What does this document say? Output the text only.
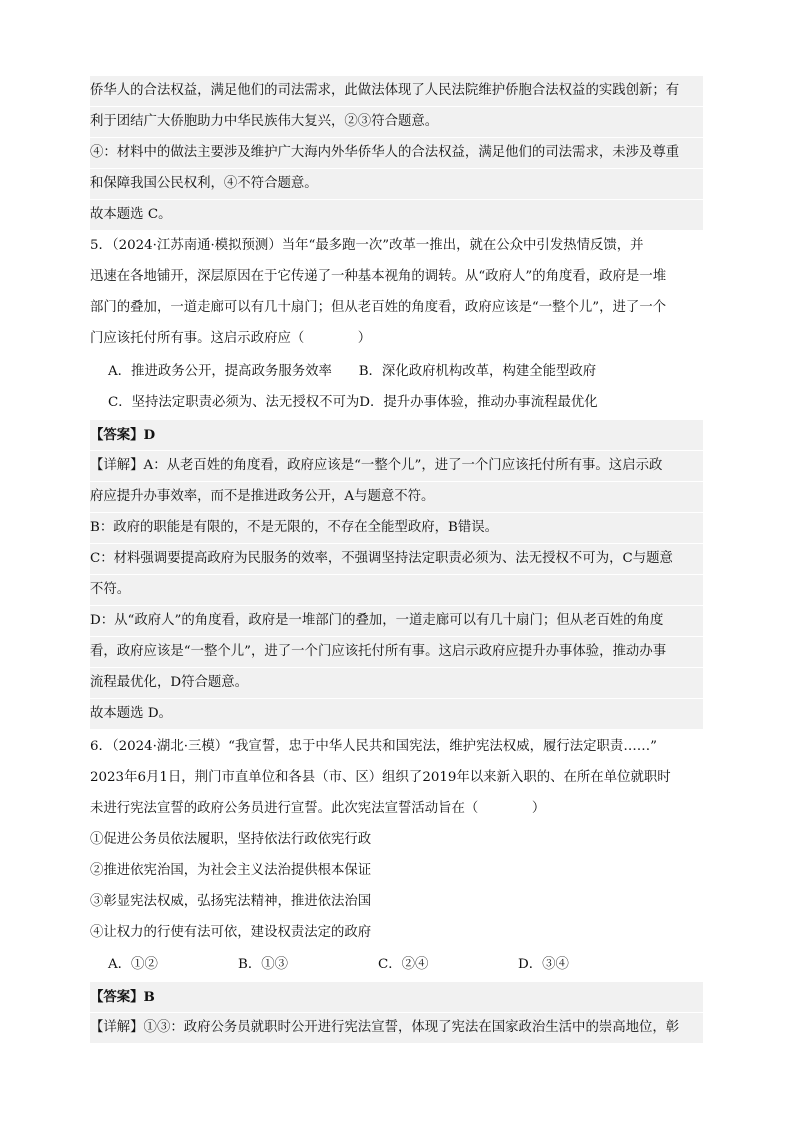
侨华人的合法权益，满足他们的司法需求，此做法体现了人民法院维护侨胞合法权益的实践创新；有
利于团结广大侨胞助力中华民族伟大复兴，②③符合题意。
④：材料中的做法主要涉及维护广大海内外华侨华人的合法权益，满足他们的司法需求，未涉及尊重
和保障我国公民权利，④不符合题意。
故本题选 C。
5．（2024·江苏南通·模拟预测）当年“最多跑一次”改革一推出，就在公众中引发热情反馈，并
迅速在各地铺开，深层原因在于它传递了一种基本视角的调转。从“政府人”的角度看，政府是一堆
部门的叠加，一道走廊可以有几十扇门；但从老百姓的角度看，政府应该是“一整个儿”，进了一个
门应该托付所有事。这启示政府应（　　　　）
A．推进政务公开，提高政务服务效率　　B．深化政府机构改革，构建全能型政府
C．坚持法定职责必须为、法无授权不可为D．提升办事体验，推动办事流程最优化
【答案】D
【详解】A：从老百姓的角度看，政府应该是“一整个儿”，进了一个门应该托付所有事。这启示政
府应提升办事效率，而不是推进政务公开，A与题意不符。
B：政府的职能是有限的，不是无限的，不存在全能型政府，B错误。
C：材料强调要提高政府为民服务的效率，不强调坚持法定职责必须为、法无授权不可为，C与题意
不符。
D：从“政府人”的角度看，政府是一堆部门的叠加，一道走廊可以有几十扇门；但从老百姓的角度
看，政府应该是“一整个儿”，进了一个门应该托付所有事。这启示政府应提升办事体验，推动办事
流程最优化，D符合题意。
故本题选 D。
6．（2024·湖北·三模）“我宣誓，忠于中华人民共和国宪法，维护宪法权威，履行法定职责……”
2023年6月1日，荆门市直单位和各县（市、区）组织了2019年以来新入职的、在所在单位就职时
未进行宪法宣誓的政府公务员进行宣誓。此次宪法宣誓活动旨在（　　　　）
①促进公务员依法履职，坚持依法行政依宪行政
②推进依宪治国，为社会主义法治提供根本保证
③彰显宪法权威，弘扬宪法精神，推进依法治国
④让权力的行使有法可依，建设权责法定的政府
A．①②	B．①③	C．②④	D．③④
【答案】B
【详解】①③：政府公务员就职时公开进行宪法宣誓，体现了宪法在国家政治生活中的崇高地位，彰
